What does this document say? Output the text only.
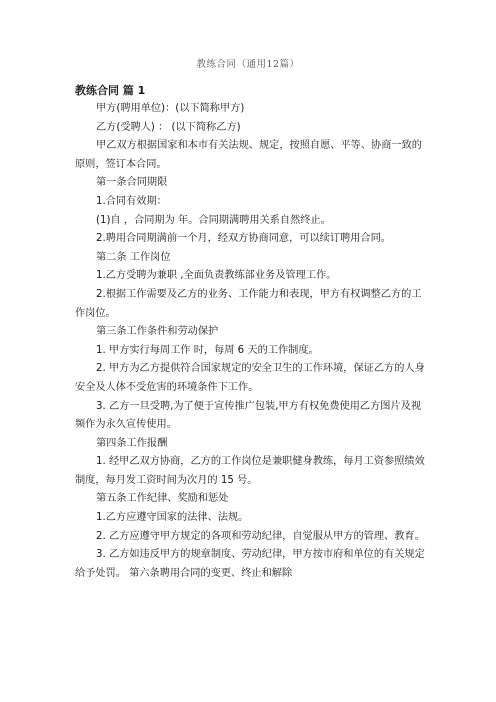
教练合同（通用12篇）

教练合同 篇 1

甲方(聘用单位)：(以下简称甲方)

乙方(受聘人) ： (以下简称乙方)

甲乙双方根据国家和本市有关法规、规定，按照自愿、平等、协商一致的原则，签订本合同。

第一条合同期限

1.合同有效期：

(1)自 ，合同期为 年。合同期满聘用关系自然终止。

2.聘用合同期满前一个月，经双方协商同意，可以续订聘用合同。

第二条 工作岗位

1.乙方受聘为兼职 ,全面负责教练部业务及管理工作。

2.根据工作需要及乙方的业务、工作能力和表现，甲方有权调整乙方的工作岗位。

第三条工作条件和劳动保护

1. 甲方实行每周工作 时，每周 6 天的工作制度。

2. 甲方为乙方提供符合国家规定的安全卫生的工作环境，保证乙方的人身安全及人体不受危害的环境条件下工作。

3. 乙方一旦受聘,为了便于宣传推广包装,甲方有权免费使用乙方图片及视频作为永久宣传使用。

第四条工作报酬

1. 经甲乙双方协商，乙方的工作岗位是兼职健身教练，每月工资参照绩效制度，每月发工资时间为次月的 15 号。

第五条工作纪律、奖励和惩处

1.乙方应遵守国家的法律、法规。

2. 乙方应遵守甲方规定的各项和劳动纪律，自觉服从甲方的管理、教育。

3. 乙方如违反甲方的规章制度、劳动纪律，甲方按市府和单位的有关规定给予处罚。 第六条聘用合同的变更、终止和解除
